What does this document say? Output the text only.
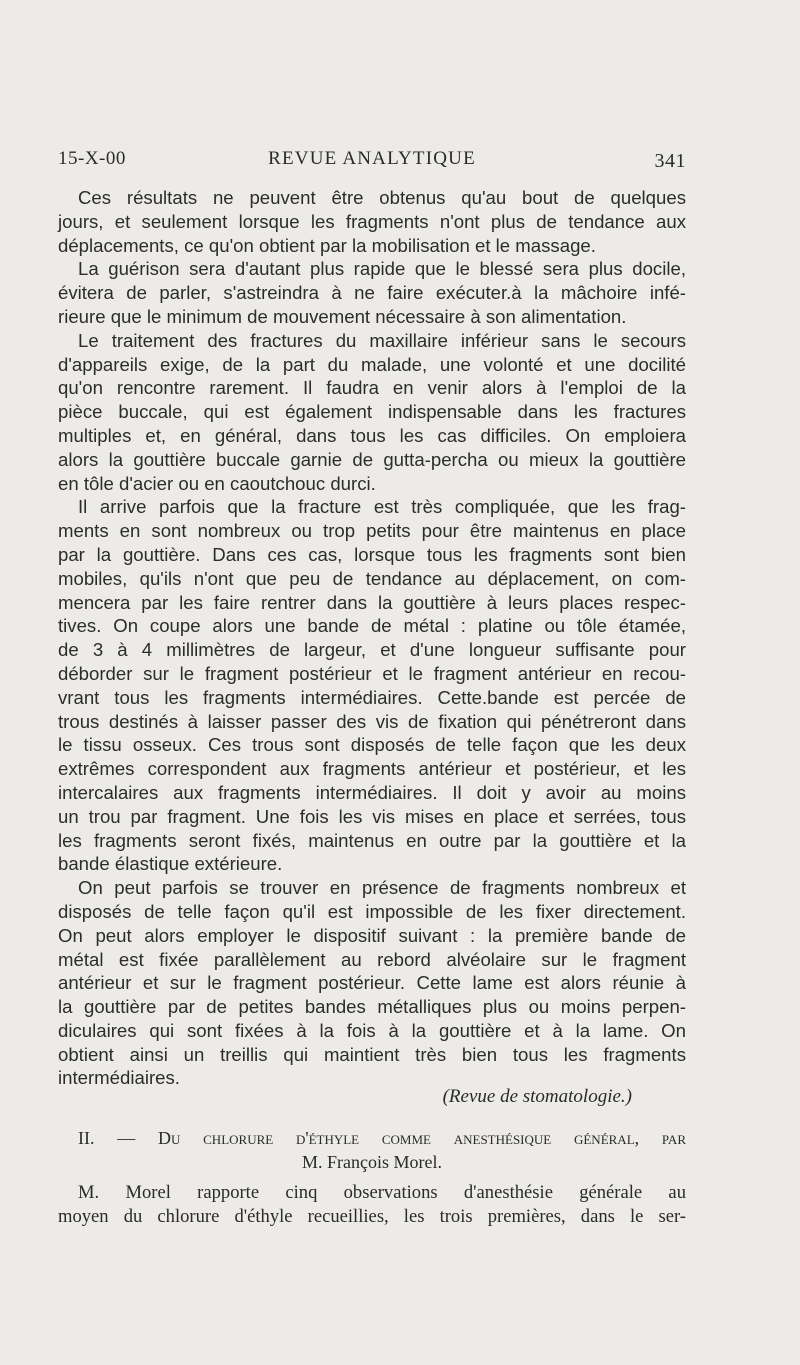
15-X-00	REVUE ANALYTIQUE	341
Ces résultats ne peuvent être obtenus qu'au bout de quelques
jours, et seulement lorsque les fragments n'ont plus de tendance aux
déplacements, ce qu'on obtient par la mobilisation et le massage.
La guérison sera d'autant plus rapide que le blessé sera plus docile,
évitera de parler, s'astreindra à ne faire exécuter.à la mâchoire infé-
rieure que le minimum de mouvement nécessaire à son alimentation.
Le traitement des fractures du maxillaire inférieur sans le secours
d'appareils exige, de la part du malade, une volonté et une docilité
qu'on rencontre rarement. Il faudra en venir alors à l'emploi de la
pièce buccale, qui est également indispensable dans les fractures
multiples et, en général, dans tous les cas difficiles. On emploiera
alors la gouttière buccale garnie de gutta-percha ou mieux la gouttière
en tôle d'acier ou en caoutchouc durci.
Il arrive parfois que la fracture est très compliquée, que les frag-
ments en sont nombreux ou trop petits pour être maintenus en place
par la gouttière. Dans ces cas, lorsque tous les fragments sont bien
mobiles, qu'ils n'ont que peu de tendance au déplacement, on com-
mencera par les faire rentrer dans la gouttière à leurs places respec-
tives. On coupe alors une bande de métal : platine ou tôle étamée,
de 3 à 4 millimètres de largeur, et d'une longueur suffisante pour
déborder sur le fragment postérieur et le fragment antérieur en recou-
vrant tous les fragments intermédiaires. Cette.bande est percée de
trous destinés à laisser passer des vis de fixation qui pénétreront dans
le tissu osseux. Ces trous sont disposés de telle façon que les deux
extrêmes correspondent aux fragments antérieur et postérieur, et les
intercalaires aux fragments intermédiaires. Il doit y avoir au moins
un trou par fragment. Une fois les vis mises en place et serrées, tous
les fragments seront fixés, maintenus en outre par la gouttière et la
bande élastique extérieure.
On peut parfois se trouver en présence de fragments nombreux et
disposés de telle façon qu'il est impossible de les fixer directement.
On peut alors employer le dispositif suivant : la première bande de
métal est fixée parallèlement au rebord alvéolaire sur le fragment
antérieur et sur le fragment postérieur. Cette lame est alors réunie à
la gouttière par de petites bandes métalliques plus ou moins perpen-
diculaires qui sont fixées à la fois à la gouttière et à la lame. On
obtient ainsi un treillis qui maintient très bien tous les fragments
intermédiaires.
(Revue de stomatologie.)
II. — Du chlorure d'éthyle comme anesthésique général, par
M. François Morel.
M. Morel rapporte cinq observations d'anesthésie générale au
moyen du chlorure d'éthyle recueillies, les trois premières, dans le ser-
